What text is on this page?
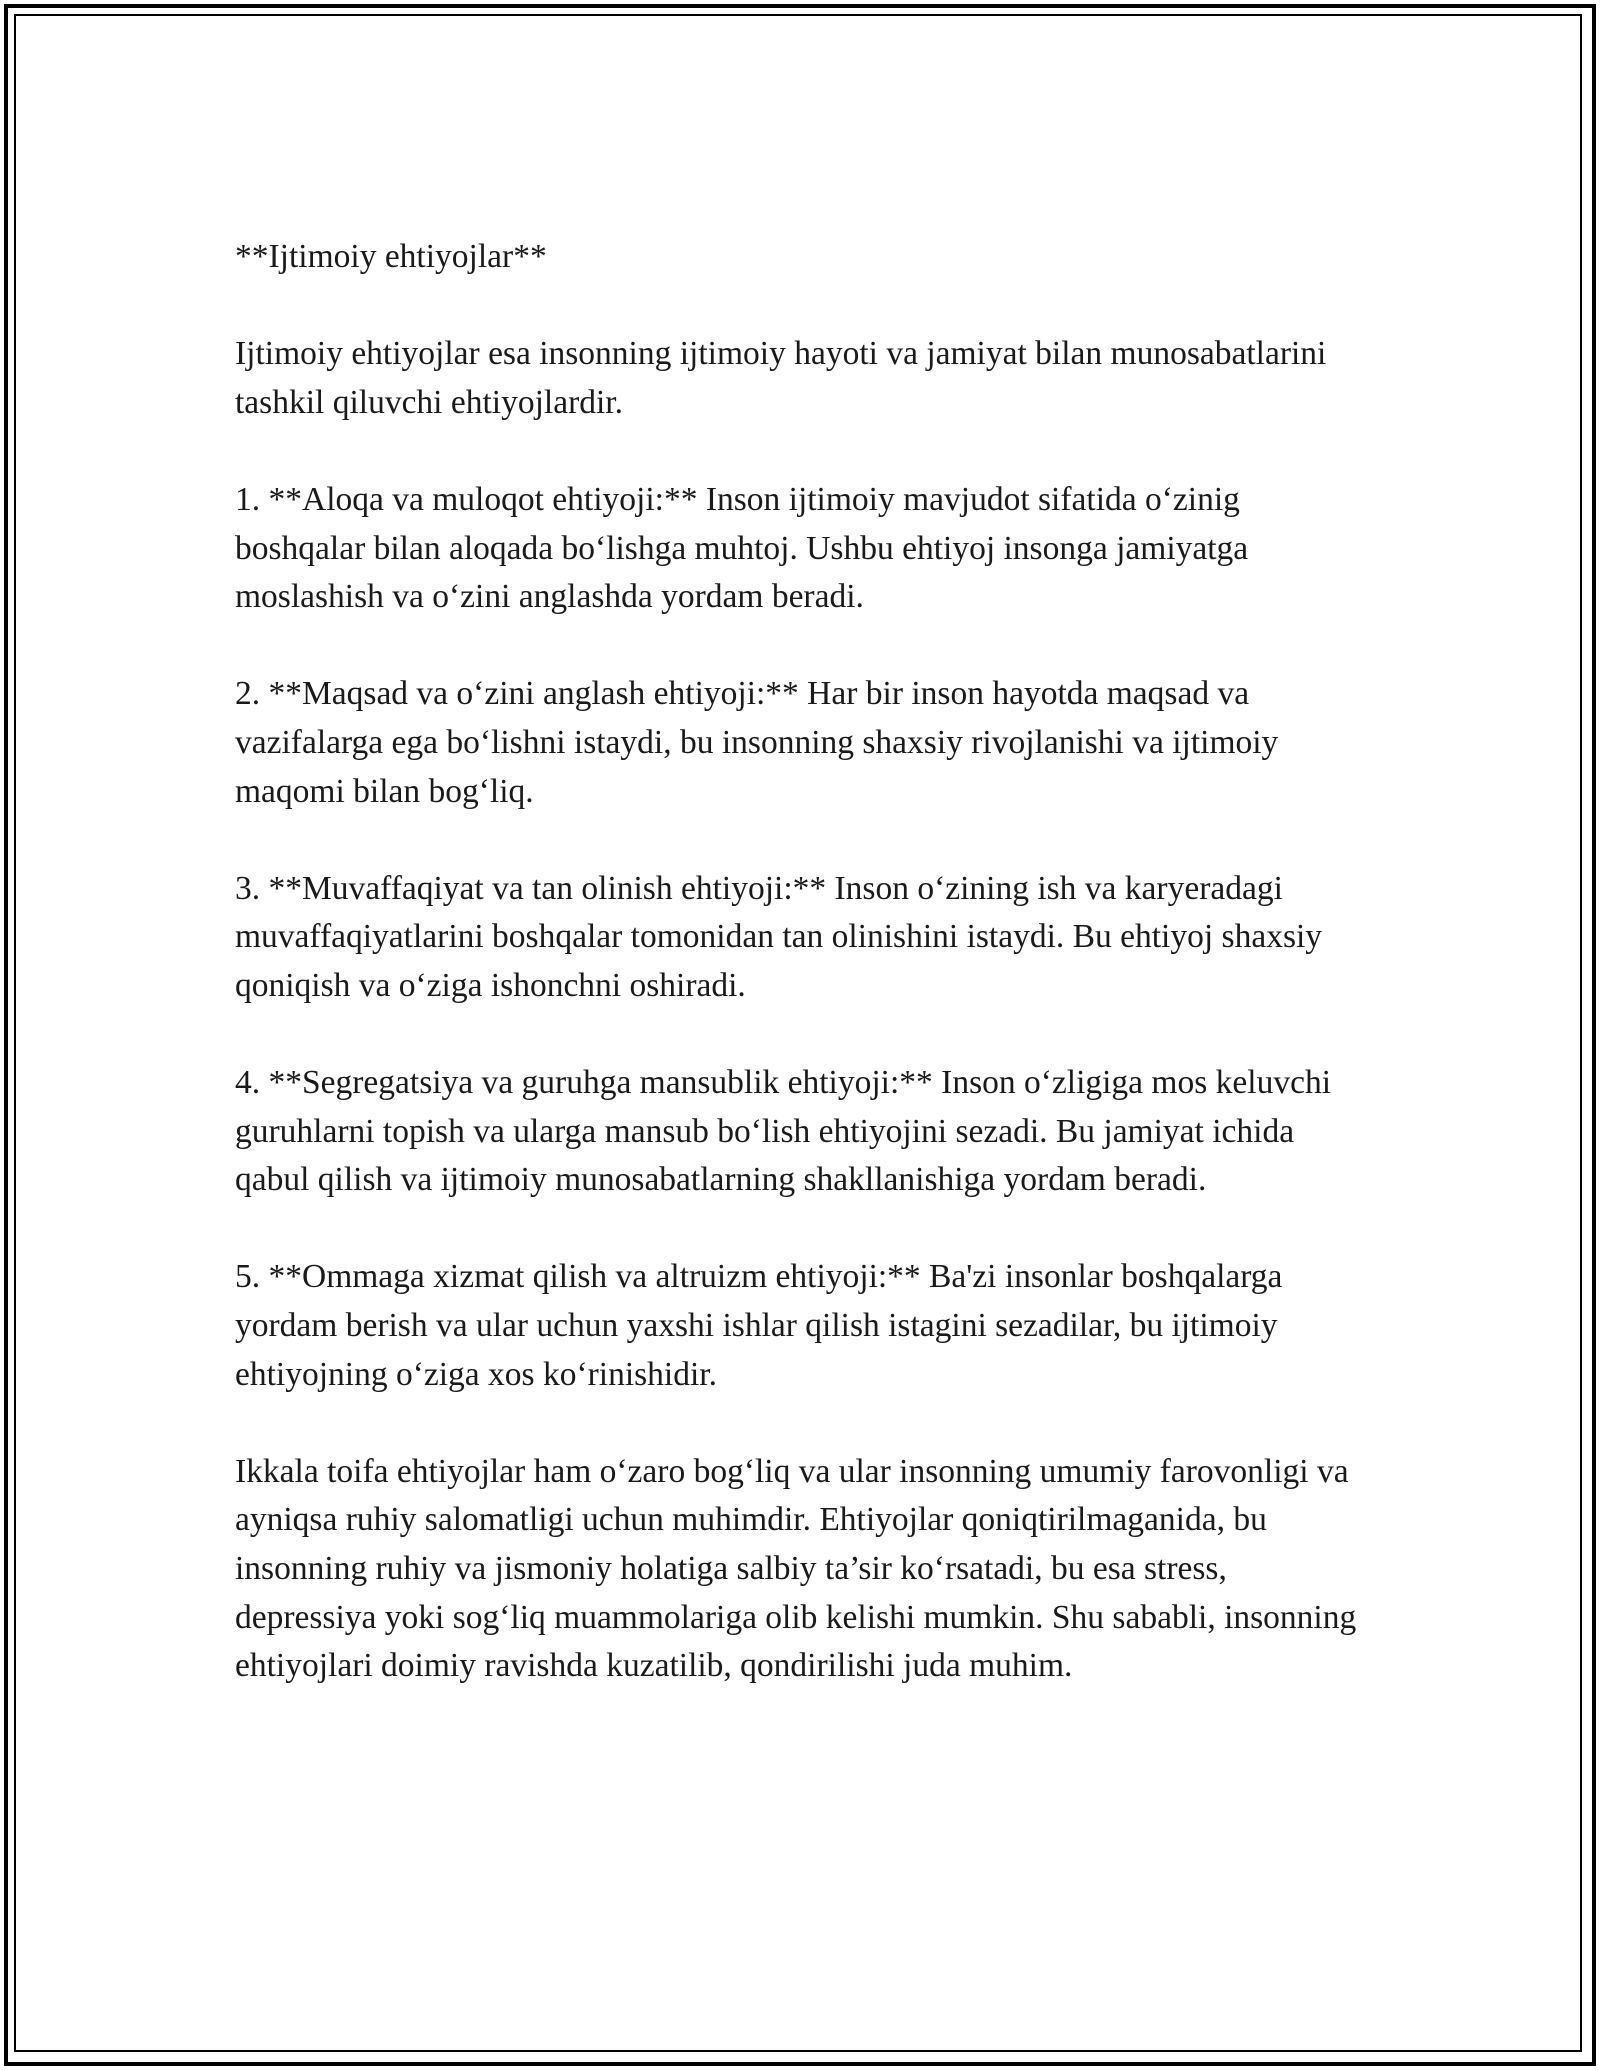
**Ijtimoiy ehtiyojlar**

Ijtimoiy ehtiyojlar esa insonning ijtimoiy hayoti va jamiyat bilan munosabatlarini tashkil qiluvchi ehtiyojlardir.

1. **Aloqa va muloqot ehtiyoji:** Inson ijtimoiy mavjudot sifatida o‘zinig boshqalar bilan aloqada bo‘lishga muhtoj. Ushbu ehtiyoj insonga jamiyatga moslashish va o‘zini anglashda yordam beradi.

2. **Maqsad va o‘zini anglash ehtiyoji:** Har bir inson hayotda maqsad va vazifalarga ega bo‘lishni istaydi, bu insonning shaxsiy rivojlanishi va ijtimoiy maqomi bilan bog‘liq.

3. **Muvaffaqiyat va tan olinish ehtiyoji:** Inson o‘zining ish va karyeradagi muvaffaqiyatlarini boshqalar tomonidan tan olinishini istaydi. Bu ehtiyoj shaxsiy qoniqish va o‘ziga ishonchni oshiradi.

4. **Segregatsiya va guruhga mansublik ehtiyoji:** Inson o‘zligiga mos keluvchi guruhlarni topish va ularga mansub bo‘lish ehtiyojini sezadi. Bu jamiyat ichida qabul qilish va ijtimoiy munosabatlarning shakllanishiga yordam beradi.

5. **Ommaga xizmat qilish va altruizm ehtiyoji:** Ba'zi insonlar boshqalarga yordam berish va ular uchun yaxshi ishlar qilish istagini sezadilar, bu ijtimoiy ehtiyojning o‘ziga xos ko‘rinishidir.

Ikkala toifa ehtiyojlar ham o‘zaro bog‘liq va ular insonning umumiy farovonligi va ayniqsa ruhiy salomatligi uchun muhimdir. Ehtiyojlar qoniqtirilmaganida, bu insonning ruhiy va jismoniy holatiga salbiy ta’sir ko‘rsatadi, bu esa stress, depressiya yoki sog‘liq muammolariga olib kelishi mumkin. Shu sababli, insonning ehtiyojlari doimiy ravishda kuzatilib, qondirilishi juda muhim.
